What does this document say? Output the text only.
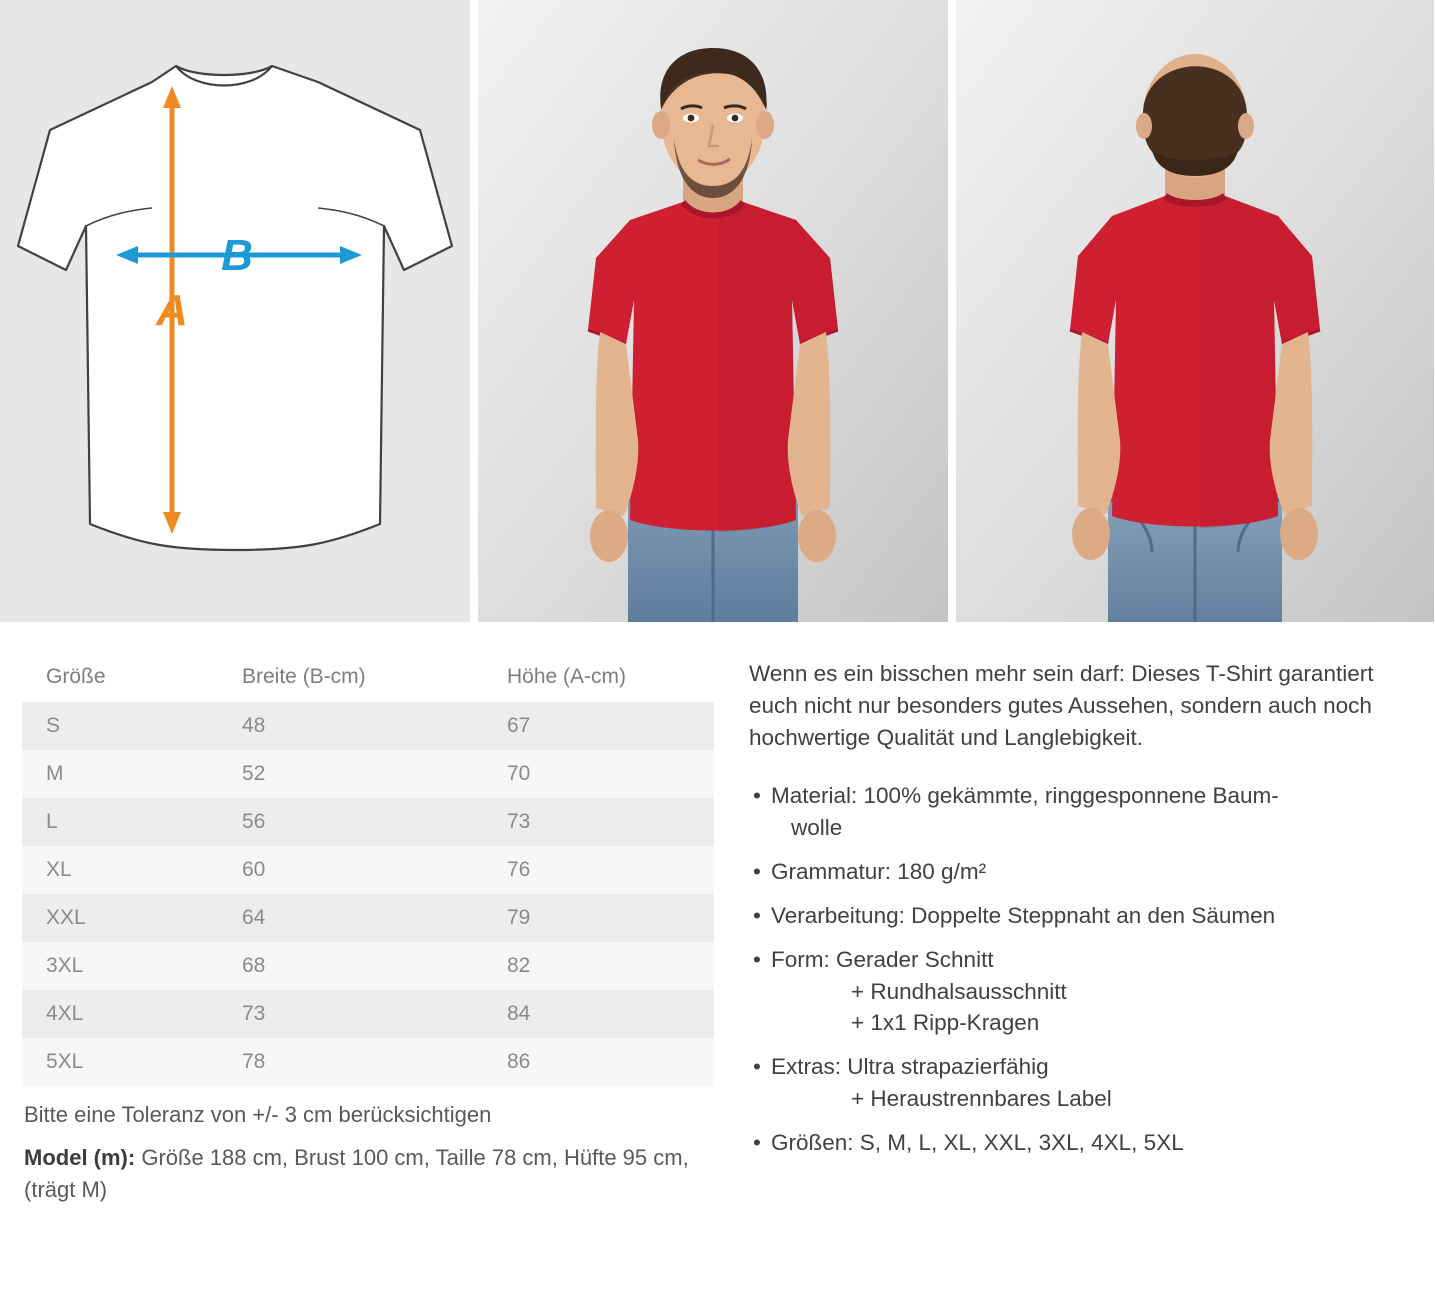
A
B
Größe	Breite (B-cm)	Höhe (A-cm)
S	48	67
M	52	70
L	56	73
XL	60	76
XXL	64	79
3XL	68	82
4XL	73	84
5XL	78	86
Bitte eine Toleranz von +/- 3 cm berücksichtigen
Model (m): Größe 188 cm, Brust 100 cm, Taille 78 cm, Hüfte 95 cm, (trägt M)

Wenn es ein bisschen mehr sein darf: Dieses T-Shirt garantiert euch nicht nur besonders gutes Aussehen, sondern auch noch hochwertige Qualität und Langlebigkeit.

• Material: 100% gekämmte, ringgesponnene Baum-
wolle
• Grammatur: 180 g/m²
• Verarbeitung: Doppelte Steppnaht an den Säumen
• Form: Gerader Schnitt
+ Rundhalsausschnitt
+ 1x1 Ripp-Kragen
• Extras: Ultra strapazierfähig
+ Heraustrennbares Label
• Größen: S, M, L, XL, XXL, 3XL, 4XL, 5XL
